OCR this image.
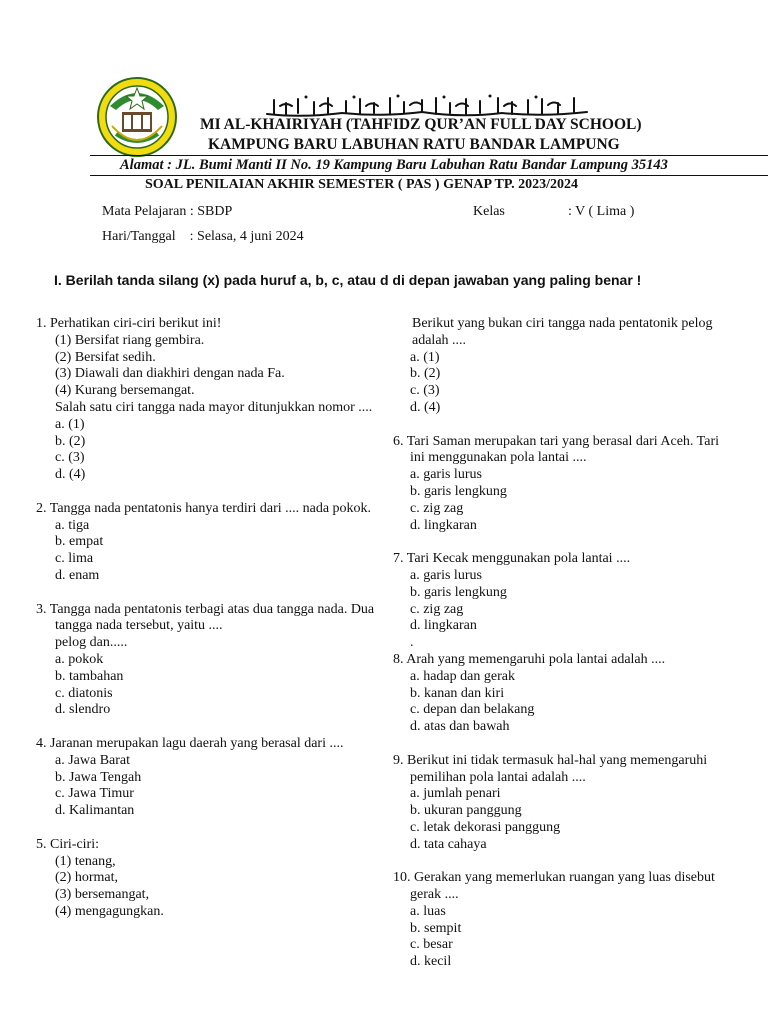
MI AL-KHAIRIYAH (TAHFIDZ QUR’AN FULL DAY SCHOOL)
KAMPUNG BARU LABUHAN RATU BANDAR LAMPUNG
Alamat : JL. Bumi Manti II No. 19 Kampung Baru Labuhan Ratu Bandar Lampung 35143
SOAL PENILAIAN AKHIR SEMESTER ( PAS ) GENAP TP. 2023/2024
Mata Pelajaran : SBDP	Kelas	: V ( Lima )
Hari/Tanggal    : Selasa, 4 juni 2024
I. Berilah tanda silang (x) pada huruf a, b, c, atau d di depan jawaban yang paling benar !
1. Perhatikan ciri-ciri berikut ini!
(1) Bersifat riang gembira.
(2) Bersifat sedih.
(3) Diawali dan diakhiri dengan nada Fa.
(4) Kurang bersemangat.
Salah satu ciri tangga nada mayor ditunjukkan nomor ....
a. (1)
b. (2)
c. (3)
d. (4)
2. Tangga nada pentatonis hanya terdiri dari .... nada pokok.
a. tiga
b. empat
c. lima
d. enam
3. Tangga nada pentatonis terbagi atas dua tangga nada. Dua tangga nada tersebut, yaitu ....
pelog dan.....
a. pokok
b. tambahan
c. diatonis
d. slendro
4. Jaranan merupakan lagu daerah yang berasal dari ....
a. Jawa Barat
b. Jawa Tengah
c. Jawa Timur
d. Kalimantan
5. Ciri-ciri:
(1) tenang,
(2) hormat,
(3) bersemangat,
(4) mengagungkan.
Berikut yang bukan ciri tangga nada pentatonik pelog adalah ....
a. (1)
b. (2)
c. (3)
d. (4)
6. Tari Saman merupakan tari yang berasal dari Aceh. Tari ini menggunakan pola lantai ....
a. garis lurus
b. garis lengkung
c. zig zag
d. lingkaran
7. Tari Kecak menggunakan pola lantai ....
a. garis lurus
b. garis lengkung
c. zig zag
d. lingkaran
.
8. Arah yang memengaruhi pola lantai adalah ....
a. hadap dan gerak
b. kanan dan kiri
c. depan dan belakang
d. atas dan bawah
9. Berikut ini tidak termasuk hal-hal yang memengaruhi pemilihan pola lantai adalah ....
a. jumlah penari
b. ukuran panggung
c. letak dekorasi panggung
d. tata cahaya
10. Gerakan yang memerlukan ruangan yang luas disebut gerak ....
a. luas
b. sempit
c. besar
d. kecil
